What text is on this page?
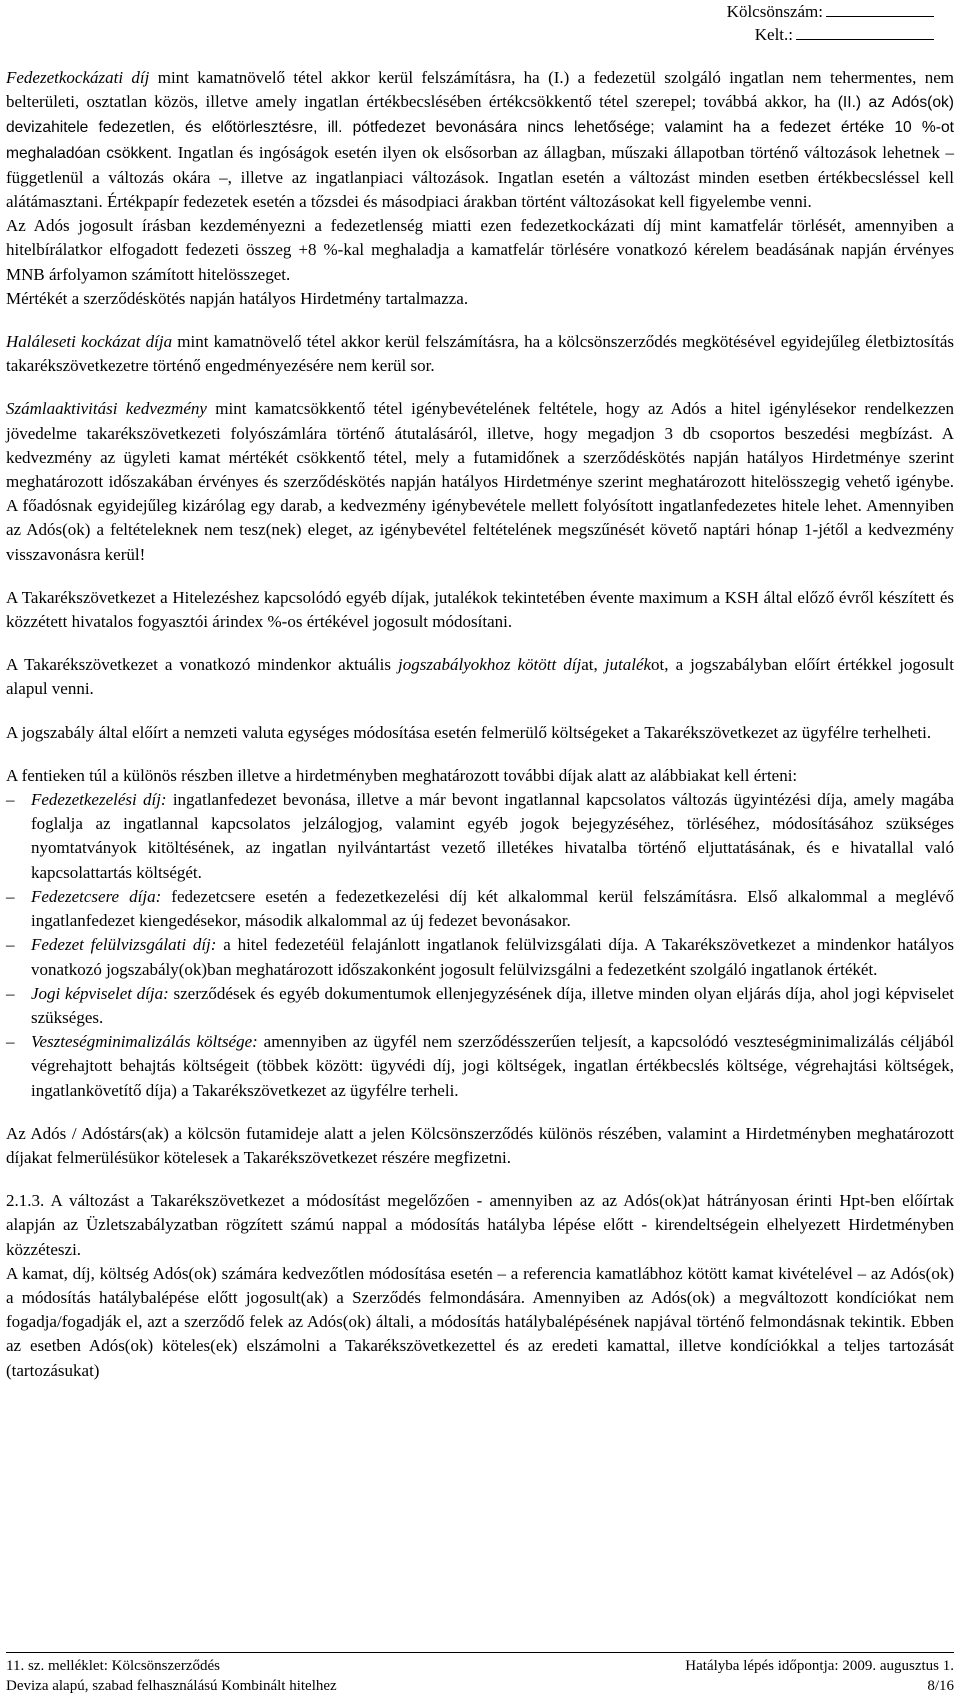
Kölcsönszám:
Kelt.:

Fedezetkockázati díj mint kamatnövelő tétel akkor kerül felszámításra, ha (I.) a fedezetül szolgáló ingatlan nem tehermentes, nem belterületi, osztatlan közös, illetve amely ingatlan értékbecslésében értékcsökkentő tétel szerepel; továbbá akkor, ha (II.) az Adós(ok) devizahitele fedezetlen, és előtörlesztésre, ill. pótfedezet bevonására nincs lehetősége; valamint ha a fedezet értéke 10 %-ot meghaladóan csökkent. Ingatlan és ingóságok esetén ilyen ok elsősorban az állagban, műszaki állapotban történő változások lehetnek – függetlenül a változás okára –, illetve az ingatlanpiaci változások. Ingatlan esetén a változást minden esetben értékbecsléssel kell alátámasztani. Értékpapír fedezetek esetén a tőzsdei és másodpiaci árakban történt változásokat kell figyelembe venni.

Az Adós jogosult írásban kezdeményezni a fedezetlenség miatti ezen fedezetkockázati díj mint kamatfelár törlését, amennyiben a hitelbírálatkor elfogadott fedezeti összeg +8 %-kal meghaladja a kamatfelár törlésére vonatkozó kérelem beadásának napján érvényes MNB árfolyamon számított hitelösszeget.

Mértékét a szerződéskötés napján hatályos Hirdetmény tartalmazza.

Haláleseti kockázat díja mint kamatnövelő tétel akkor kerül felszámításra, ha a kölcsönszerződés megkötésével egyidejűleg életbiztosítás takarékszövetkezetre történő engedményezésére nem kerül sor.

Számlaaktivitási kedvezmény mint kamatcsökkentő tétel igénybevételének feltétele, hogy az Adós a hitel igénylésekor rendelkezzen jövedelme takarékszövetkezeti folyószámlára történő átutalásáról, illetve, hogy megadjon 3 db csoportos beszedési megbízást. A kedvezmény az ügyleti kamat mértékét csökkentő tétel, mely a futamidőnek a szerződéskötés napján hatályos Hirdetménye szerint meghatározott időszakában érvényes és szerződéskötés napján hatályos Hirdetménye szerint meghatározott hitelösszegig vehető igénybe. A főadósnak egyidejűleg kizárólag egy darab, a kedvezmény igénybevétele mellett folyósított ingatlanfedezetes hitele lehet. Amennyiben az Adós(ok) a feltételeknek nem tesz(nek) eleget, az igénybevétel feltételének megszűnését követő naptári hónap 1-jétől a kedvezmény visszavonásra kerül!

A Takarékszövetkezet a Hitelezéshez kapcsolódó egyéb díjak, jutalékok tekintetében évente maximum a KSH által előző évről készített és közzétett hivatalos fogyasztói árindex %-os értékével jogosult módosítani.

A Takarékszövetkezet a vonatkozó mindenkor aktuális jogszabályokhoz kötött díjat, jutalékot, a jogszabályban előírt értékkel jogosult alapul venni.

A jogszabály által előírt a nemzeti valuta egységes módosítása esetén felmerülő költségeket a Takarékszövetkezet az ügyfélre terhelheti.

A fentieken túl a különös részben illetve a hirdetményben meghatározott további díjak alatt az alábbiakat kell érteni:

– Fedezetkezelési díj: ingatlanfedezet bevonása, illetve a már bevont ingatlannal kapcsolatos változás ügyintézési díja, amely magába foglalja az ingatlannal kapcsolatos jelzálogjog, valamint egyéb jogok bejegyzéséhez, törléséhez, módosításához szükséges nyomtatványok kitöltésének, az ingatlan nyilvántartást vezető illetékes hivatalba történő eljuttatásának, és e hivatallal való kapcsolattartás költségét.
– Fedezetcsere díja: fedezetcsere esetén a fedezetkezelési díj két alkalommal kerül felszámításra. Első alkalommal a meglévő ingatlanfedezet kiengedésekor, második alkalommal az új fedezet bevonásakor.
– Fedezet felülvizsgálati díj: a hitel fedezetéül felajánlott ingatlanok felülvizsgálati díja. A Takarékszövetkezet a mindenkor hatályos vonatkozó jogszabály(ok)ban meghatározott időszakonként jogosult felülvizsgálni a fedezetként szolgáló ingatlanok értékét.
– Jogi képviselet díja: szerződések és egyéb dokumentumok ellenjegyzésének díja, illetve minden olyan eljárás díja, ahol jogi képviselet szükséges.
– Veszteségminimalizálás költsége: amennyiben az ügyfél nem szerződésszerűen teljesít, a kapcsolódó veszteségminimalizálás céljából végrehajtott behajtás költségeit (többek között: ügyvédi díj, jogi költségek, ingatlan értékbecslés költsége, végrehajtási költségek, ingatlankövetítő díja) a Takarékszövetkezet az ügyfélre terheli.

Az Adós / Adóstárs(ak) a kölcsön futamideje alatt a jelen Kölcsönszerződés különös részében, valamint a Hirdetményben meghatározott díjakat felmerülésükor kötelesek a Takarékszövetkezet részére megfizetni.

2.1.3. A változást a Takarékszövetkezet a módosítást megelőzően - amennyiben az az Adós(ok)at hátrányosan érinti Hpt-ben előírtak alapján az Üzletszabályzatban rögzített számú nappal a módosítás hatályba lépése előtt - kirendeltségein elhelyezett Hirdetményben közzéteszi.

A kamat, díj, költség Adós(ok) számára kedvezőtlen módosítása esetén – a referencia kamatlábhoz kötött kamat kivételével – az Adós(ok) a módosítás hatálybalépése előtt jogosult(ak) a Szerződés felmondására. Amennyiben az Adós(ok) a megváltozott kondíciókat nem fogadja/fogadják el, azt a szerződő felek az Adós(ok) általi, a módosítás hatálybalépésének napjával történő felmondásnak tekintik. Ebben az esetben Adós(ok) köteles(ek) elszámolni a Takarékszövetkezettel és az eredeti kamattal, illetve kondíciókkal a teljes tartozását (tartozásukat)

11. sz. melléklet: Kölcsönszerződés	Hatályba lépés időpontja: 2009. augusztus 1.
Deviza alapú, szabad felhasználású Kombinált hitelhez	8/16
